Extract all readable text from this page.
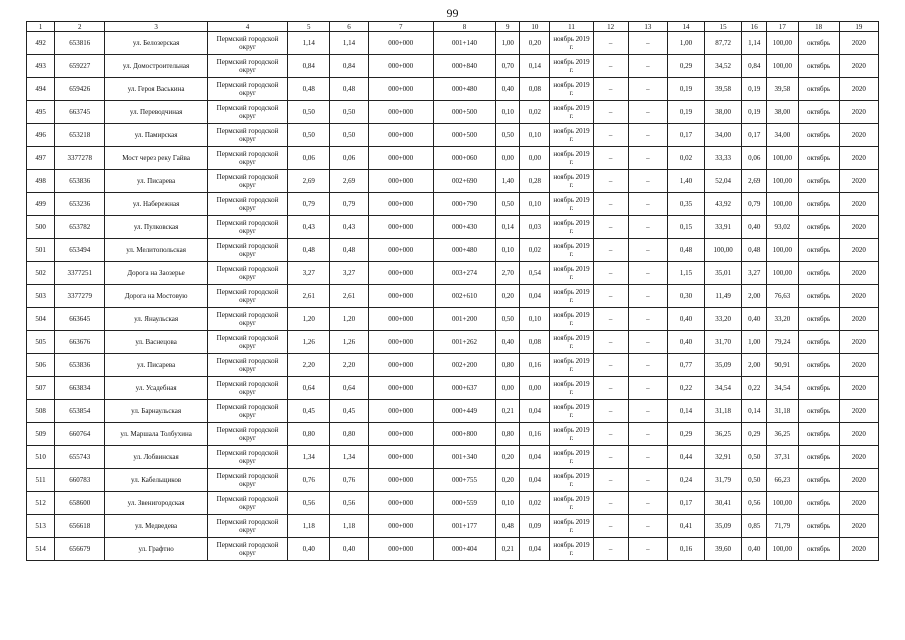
99
1	2	3	4	5	6	7	8	9	10	11	12	13	14	15	16	17	18	19
492	653816	ул. Белозерская	Пермский городской округ	1,14	1,14	000+000	001+140	1,00	0,20	ноябрь 2019 г.	–	–	1,00	87,72	1,14	100,00	октябрь	2020
493	659227	ул. Домостроительная	Пермский городской округ	0,84	0,84	000+000	000+840	0,70	0,14	ноябрь 2019 г.	–	–	0,29	34,52	0,84	100,00	октябрь	2020
494	659426	ул. Героя Васькина	Пермский городской округ	0,48	0,48	000+000	000+480	0,40	0,08	ноябрь 2019 г.	–	–	0,19	39,58	0,19	39,58	октябрь	2020
495	663745	ул. Переводчиная	Пермский городской округ	0,50	0,50	000+000	000+500	0,10	0,02	ноябрь 2019 г.	–	–	0,19	38,00	0,19	38,00	октябрь	2020
496	653218	ул. Памирская	Пермский городской округ	0,50	0,50	000+000	000+500	0,50	0,10	ноябрь 2019 г.	–	–	0,17	34,00	0,17	34,00	октябрь	2020
497	3377278	Мост через реку Гайва	Пермский городской округ	0,06	0,06	000+000	000+060	0,00	0,00	ноябрь 2019 г.	–	–	0,02	33,33	0,06	100,00	октябрь	2020
498	653836	ул. Писарева	Пермский городской округ	2,69	2,69	000+000	002+690	1,40	0,28	ноябрь 2019 г.	–	–	1,40	52,04	2,69	100,00	октябрь	2020
499	653236	ул. Набережная	Пермский городской округ	0,79	0,79	000+000	000+790	0,50	0,10	ноябрь 2019 г.	–	–	0,35	43,92	0,79	100,00	октябрь	2020
500	653782	ул. Пулковская	Пермский городской округ	0,43	0,43	000+000	000+430	0,14	0,03	ноябрь 2019 г.	–	–	0,15	33,91	0,40	93,02	октябрь	2020
501	653494	ул. Мелитопольская	Пермский городской округ	0,48	0,48	000+000	000+480	0,10	0,02	ноябрь 2019 г.	–	–	0,48	100,00	0,48	100,00	октябрь	2020
502	3377251	Дорога на Заозерье	Пермский городской округ	3,27	3,27	000+000	003+274	2,70	0,54	ноябрь 2019 г.	–	–	1,15	35,01	3,27	100,00	октябрь	2020
503	3377279	Дорога на Мостовую	Пермский городской округ	2,61	2,61	000+000	002+610	0,20	0,04	ноябрь 2019 г.	–	–	0,30	11,49	2,00	76,63	октябрь	2020
504	663645	ул. Янаульская	Пермский городской округ	1,20	1,20	000+000	001+200	0,50	0,10	ноябрь 2019 г.	–	–	0,40	33,20	0,40	33,20	октябрь	2020
505	663676	ул. Васнецова	Пермский городской округ	1,26	1,26	000+000	001+262	0,40	0,08	ноябрь 2019 г.	–	–	0,40	31,70	1,00	79,24	октябрь	2020
506	653836	ул. Писарева	Пермский городской округ	2,20	2,20	000+000	002+200	0,80	0,16	ноябрь 2019 г.	–	–	0,77	35,09	2,00	90,91	октябрь	2020
507	663834	ул. Усадебная	Пермский городской округ	0,64	0,64	000+000	000+637	0,00	0,00	ноябрь 2019 г.	–	–	0,22	34,54	0,22	34,54	октябрь	2020
508	653854	ул. Барнаульская	Пермский городской округ	0,45	0,45	000+000	000+449	0,21	0,04	ноябрь 2019 г.	–	–	0,14	31,18	0,14	31,18	октябрь	2020
509	660764	ул. Маршала Толбухина	Пермский городской округ	0,80	0,80	000+000	000+800	0,80	0,16	ноябрь 2019 г.	–	–	0,29	36,25	0,29	36,25	октябрь	2020
510	655743	ул. Лобвинская	Пермский городской округ	1,34	1,34	000+000	001+340	0,20	0,04	ноябрь 2019 г.	–	–	0,44	32,91	0,50	37,31	октябрь	2020
511	660783	ул. Кабельщиков	Пермский городской округ	0,76	0,76	000+000	000+755	0,20	0,04	ноябрь 2019 г.	–	–	0,24	31,79	0,50	66,23	октябрь	2020
512	658600	ул. Звенигородская	Пермский городской округ	0,56	0,56	000+000	000+559	0,10	0,02	ноябрь 2019 г.	–	–	0,17	30,41	0,56	100,00	октябрь	2020
513	656618	ул. Медведева	Пермский городской округ	1,18	1,18	000+000	001+177	0,48	0,09	ноябрь 2019 г.	–	–	0,41	35,09	0,85	71,79	октябрь	2020
514	656679	ул. Графтио	Пермский городской округ	0,40	0,40	000+000	000+404	0,21	0,04	ноябрь 2019 г.	–	–	0,16	39,60	0,40	100,00	октябрь	2020
